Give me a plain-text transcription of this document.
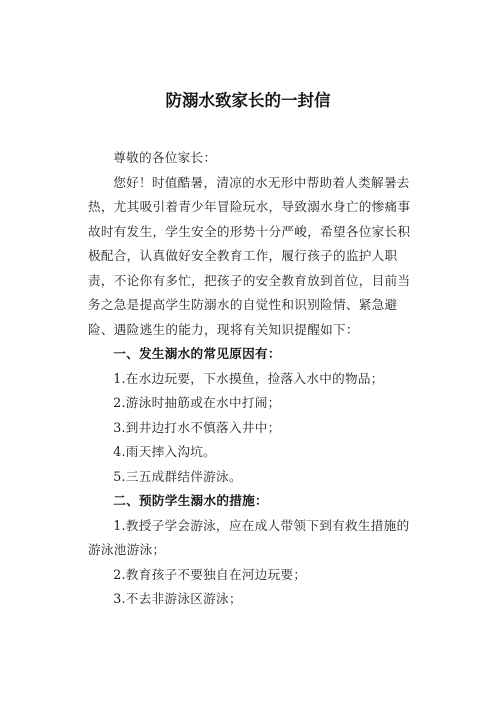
防溺水致家长的一封信

尊敬的各位家长：

您好！时值酷暑，清凉的水无形中帮助着人类解暑去热，尤其吸引着青少年冒险玩水，导致溺水身亡的惨痛事故时有发生，学生安全的形势十分严峻，希望各位家长积极配合，认真做好安全教育工作，履行孩子的监护人职责，不论你有多忙，把孩子的安全教育放到首位，目前当务之急是提高学生防溺水的自觉性和识别险情、紧急避险、遇险逃生的能力，现将有关知识提醒如下：

一、发生溺水的常见原因有：

1.在水边玩要，下水摸鱼，捡落入水中的物品；

2.游泳时抽筋或在水中打闹；

3.到井边打水不慎落入井中；

4.雨天摔入沟坑。

5.三五成群结伴游泳。

二、预防学生溺水的措施：

1.教授子学会游泳，应在成人带领下到有救生措施的游泳池游泳；

2.教育孩子不要独自在河边玩要；

3.不去非游泳区游泳；
